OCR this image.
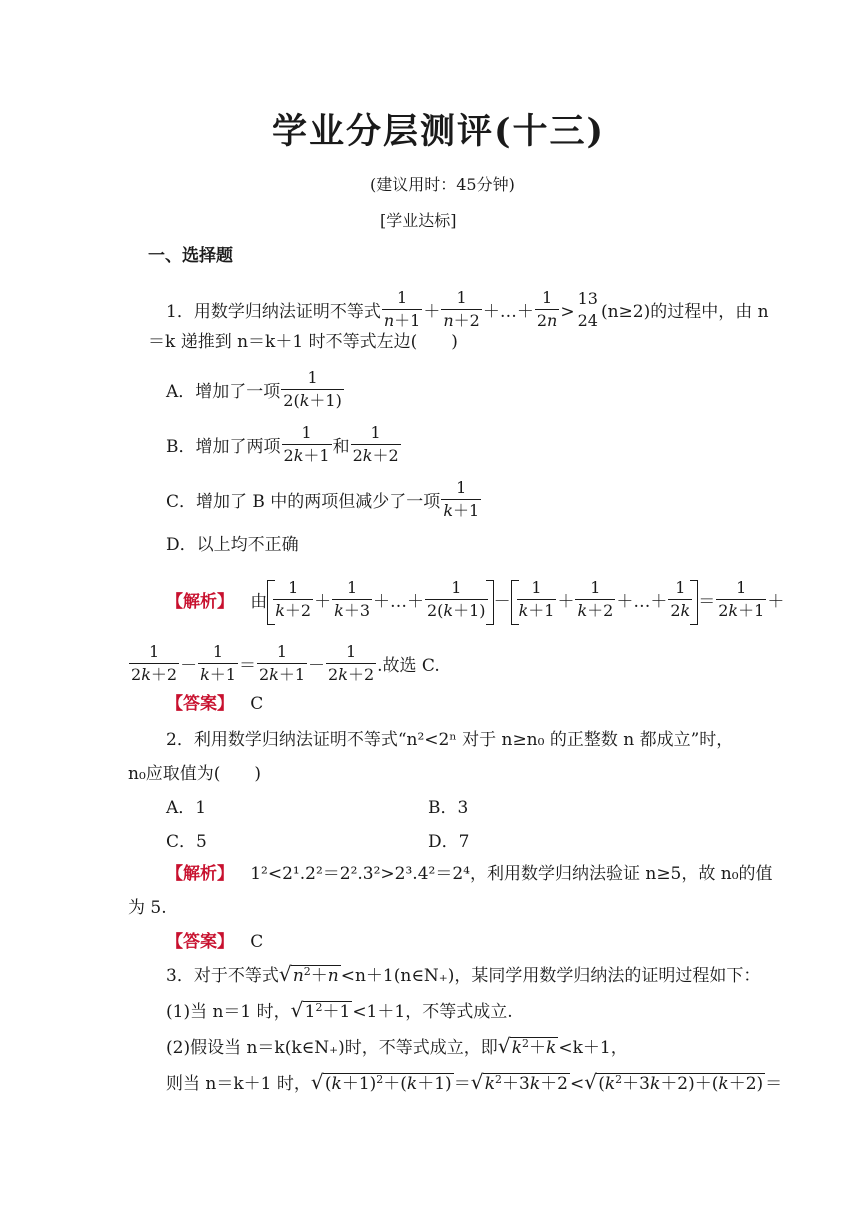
学业分层测评(十三)
(建议用时：45分钟)
[学业达标]
一、选择题
1．用数学归纳法证明不等式 $\frac{1}{n+1} + \frac{1}{n+2}$ ＋…＋ $\frac{1}{2n}$ >
13
24 (n≥2)的过程中，由 n
＝k 递推到 n＝k＋1 时不等式左边(　　)
A．增加了一项 $\frac{1}{2(k+1)}$
B．增加了两项 $\frac{1}{2k+1}$ 和 $\frac{1}{2k+2}$
C．增加了 B 中的两项但减少了一项 $\frac{1}{k+1}$
D．以上均不正确
【解析】 由 $\frac{1}{k+2} + \frac{1}{k+3}$ ＋…＋ $\frac{1}{2(k+1)} - \frac{1}{k+1} + \frac{1}{k+2}$ ＋…＋ $\frac{1}{2k} = \frac{1}{2k+1}$ ＋
$\frac{1}{2k+2} - \frac{1}{k+1} = \frac{1}{2k+1} - \frac{1}{2k+2}$ .故选 C.
【答案】 C
2．利用数学归纳法证明不等式“n²<2ⁿ 对于 n≥n₀ 的正整数 n 都成立”时，
n₀应取值为(　　)
A．1	B．3
C．5	D．7
【解析】 1²<2¹.2²＝2².3²>2³.4²＝2⁴，利用数学归纳法验证 n≥5，故 n₀的值
为 5.
【答案】 C
3．对于不等式 √ $n^2+n$ <n＋1(n∈N₊)，某同学用数学归纳法的证明过程如下：
(1)当 n＝1 时， √ $1^2+1 <1+1$，不等式成立.
(2)假设当 n＝k(k∈N₊)时，不等式成立，即 √ $k^2+k <k+1$，
则当 n＝k＋1 时， √ $(k+1)^2+(k+1)$ ＝ √ $k^2+3k+2$ < √ $(k^2+3k+2)+(k+2)$ ＝
